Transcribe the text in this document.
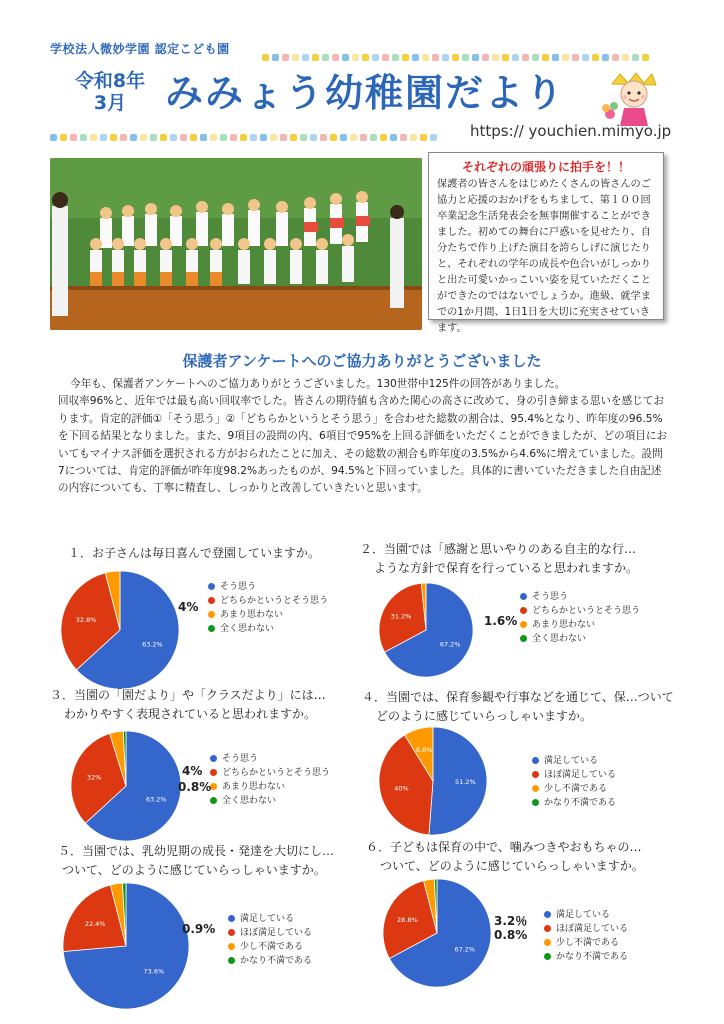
学校法人微妙学園 認定こども園
令和8年
3月	みみょう幼稚園だより
https:// youchien.mimyo.jp
それぞれの頑張りに拍手を！！
保護者の皆さんをはじめたくさんの皆さんのご協力と応援のおかげをもちまして、第１００回卒業記念生活発表会を無事開催することができました。初めての舞台に戸惑いを見せたり、自分たちで作り上げた演目を誇らしげに演じたりと、それぞれの学年の成長や色合いがしっかりと出た可愛いかっこいい姿を見ていただくことができたのではないでしょうか。進級、就学までの1か月間、1日1日を大切に充実させていきます。
保護者アンケートへのご協力ありがとうございました

今年も、保護者アンケートへのご協力ありがとうございました。130世帯中125件の回答がありました。

回収率96%と、近年では最も高い回収率でした。皆さんの期待値も含めた関心の高さに改めて、身の引き締まる思いを感じております。肯定的評価①「そう思う」②「どちらかというとそう思う」を合わせた総数の割合は、95.4%となり、昨年度の96.5%を下回る結果となりました。また、9項目の設問の内、6項目で95%を上回る評価をいただくことができましたが、どの項目においてもマイナス評価を選択される方がおられたことに加え、その総数の割合も昨年度の3.5%から4.6%に増えていました。設問7については、肯定的評価が昨年度98.2%あったものが、94.5%と下回っていました。具体的に書いていただきました自由記述の内容についても、丁寧に精査し、しっかりと改善していきたいと思います。

１．お子さんは毎日喜んで登園していますか。
63.2%
32.8%
そう思う
どちらかというとそう思う
あまり思わない
全く思わない
4%
２．当園では「感謝と思いやりのある自主的な行…
ような方針で保育を行っていると思われますか。
67.2%
31.2%
そう思う
どちらかというとそう思う
あまり思わない
全く思わない
1.6%
３．当園の「園だより」や「クラスだより」には…
わかりやすく表現されていると思われますか。
63.2%
32%
そう思う
どちらかというとそう思う
あまり思わない
全く思わない
4%
0.8%
４．当園では、保育参観や行事などを通じて、保…ついて
どのように感じていらっしゃいますか。
51.2%
40%
8.8%
満足している
ほぼ満足している
少し不満である
かなり不満である
５．当園では、乳幼児期の成長・発達を大切にし…
ついて、どのように感じていらっしゃいますか。
73.6%
22.4%
満足している
ほぼ満足している
少し不満である
かなり不満である
0.9%
６．子どもは保育の中で、噛みつきやおもちゃの…
ついて、どのように感じていらっしゃいますか。
67.2%
28.8%	満足している
ほぼ満足している
少し不満である
かなり不満である
3.2％
0.8%
